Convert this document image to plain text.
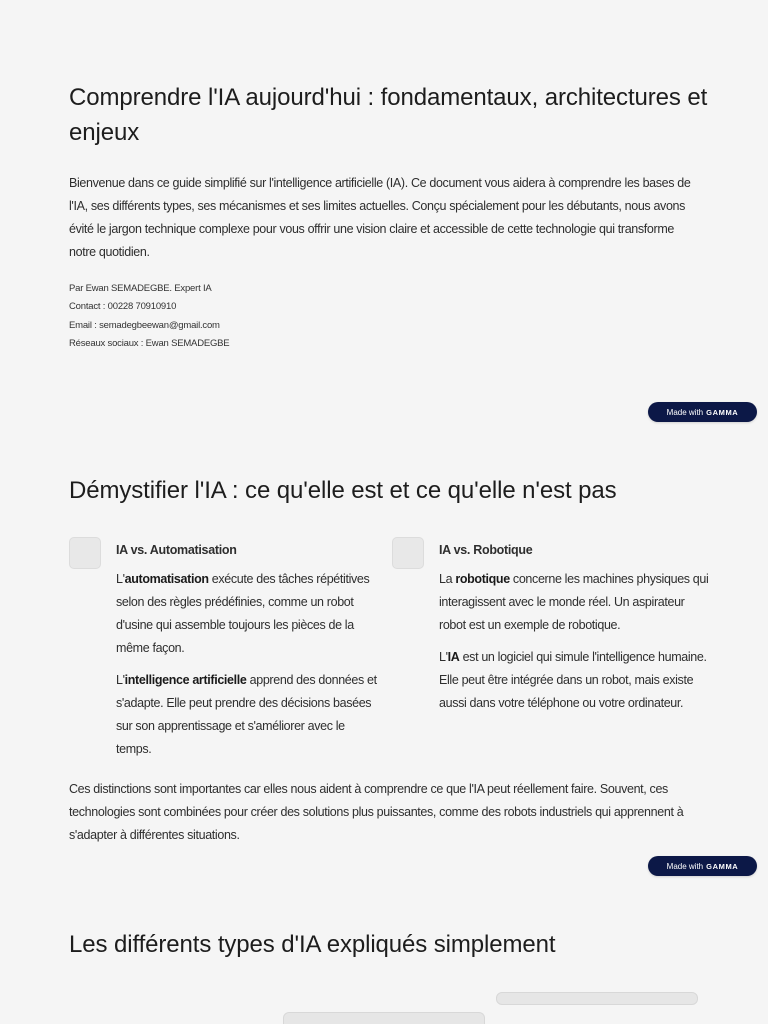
Comprendre l'IA aujourd'hui : fondamentaux, architectures et enjeux

Bienvenue dans ce guide simplifié sur l'intelligence artificielle (IA). Ce document vous aidera à comprendre les bases de l'IA, ses différents types, ses mécanismes et ses limites actuelles. Conçu spécialement pour les débutants, nous avons évité le jargon technique complexe pour vous offrir une vision claire et accessible de cette technologie qui transforme notre quotidien.

Par Ewan SEMADEGBE. Expert IA
Contact : 00228 70910910
Email : semadegbeewan@gmail.com
Réseaux sociaux : Ewan SEMADEGBE
Made with GAMMA
Démystifier l'IA : ce qu'elle est et ce qu'elle n'est pas
IA vs. Automatisation

L'automatisation exécute des tâches répétitives selon des règles prédéfinies, comme un robot d'usine qui assemble toujours les pièces de la même façon.

L'intelligence artificielle apprend des données et s'adapte. Elle peut prendre des décisions basées sur son apprentissage et s'améliorer avec le temps.

IA vs. Robotique

La robotique concerne les machines physiques qui interagissent avec le monde réel. Un aspirateur robot est un exemple de robotique.

L'IA est un logiciel qui simule l'intelligence humaine. Elle peut être intégrée dans un robot, mais existe aussi dans votre téléphone ou votre ordinateur.

Ces distinctions sont importantes car elles nous aident à comprendre ce que l'IA peut réellement faire. Souvent, ces technologies sont combinées pour créer des solutions plus puissantes, comme des robots industriels qui apprennent à s'adapter à différentes situations.

Made with GAMMA
Les différents types d'IA expliqués simplement
